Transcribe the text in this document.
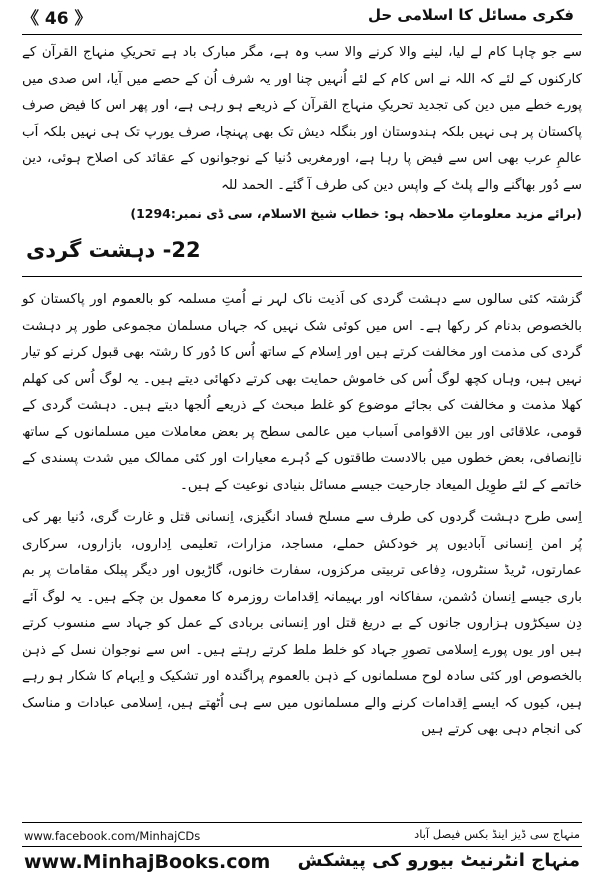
فکری مسائل کا اسلامی حل
《 46 》

سے جو چاہا کام لے لیا، لینے والا کرنے والا سب وہ ہے، مگر مبارک باد ہے تحریکِ منہاج القرآن کے کارکنوں کے لئے کہ اللہ نے اس کام کے لئے اُنہیں چنا اور یہ شرف اُن کے حصے میں آیا، اس صدی میں پورے خطے میں دین کی تجدید تحریکِ منہاج القرآن کے ذریعے ہو رہی ہے، اور پھر اس کا فیض صرف پاکستان پر ہی نہیں بلکہ ہندوستان اور بنگلہ دیش تک بھی پہنچا، صرف یورپ تک ہی نہیں بلکہ اَب عالمِ عرب بھی اس سے فیض پا رہا ہے، اورمغربی دُنیا کے نوجوانوں کے عقائد کی اصلاح ہوئی، دین سے دُور بھاگنے والے پلٹ کے واپس دین کی طرف آ گئے۔ الحمد للہ

(برائے مزید معلوماتِ ملاحظہ ہو: خطاب شیخ الاسلام، سی ڈی نمبر:1294)

22- دہشت گردی

گزشتہ کئی سالوں سے دہشت گردی کی اَذیت ناک لہر نے اُمتِ مسلمہ کو بالعموم اور پاکستان کو بالخصوص بدنام کر رکھا ہے۔ اس میں کوئی شک نہیں کہ جہاں مسلمان مجموعی طور پر دہشت گردی کی مذمت اور مخالفت کرتے ہیں اور اِسلام کے ساتھ اُس کا دُور کا رشتہ بھی قبول کرنے کو تیار نہیں ہیں، وہاں کچھ لوگ اُس کی خاموش حمایت بھی کرتے دکھائی دیتے ہیں۔ یہ لوگ اُس کی کھلم کھلا مذمت و مخالفت کی بجائے موضوع کو غلط مبحث کے ذریعے اُلجھا دیتے ہیں۔ دہشت گردی کے قومی، علاقائی اور بین الاقوامی اَسباب میں عالمی سطح پر بعض معاملات میں مسلمانوں کے ساتھ نااِنصافی، بعض خطوں میں بالادست طاقتوں کے دُہرے معیارات اور کئی ممالک میں شدت پسندی کے خاتمے کے لئے طوِیل المیعاد جارحیت جیسے مسائل بنیادی نوعیت کے ہیں۔

اِسی طرح دہشت گردوں کی طرف سے مسلح فساد انگیزی، اِنسانی قتل و غارت گری، دُنیا بھر کی پُر امن اِنسانی آبادیوں پر خودکش حملے، مساجد، مزارات، تعلیمی اِداروں، بازاروں، سرکاری عمارتوں، ٹریڈ سنٹروں، دِفاعی تربیتی مرکزوں، سفارت خانوں، گاڑیوں اور دیگر پبلک مقامات پر بم باری جیسے اِنسان دُشمن، سفاکانہ اور بہیمانہ اِقدامات روزمرہ کا معمول بن چکے ہیں۔ یہ لوگ آئے دِن سیکڑوں ہزاروں جانوں کے بے دریغ قتل اور اِنسانی بربادی کے عمل کو جہاد سے منسوب کرتے ہیں اور یوں پورے اِسلامی تصورِ جہاد کو خلط ملط کرتے رہتے ہیں۔ اس سے نوجوان نسل کے ذہن بالخصوص اور کئی سادہ لوح مسلمانوں کے ذہن بالعموم پراگندہ اور تشکیک و اِبہام کا شکار ہو رہے ہیں، کیوں کہ ایسے اِقدامات کرنے والے مسلمانوں میں سے ہی اُٹھتے ہیں، اِسلامی عبادات و مناسک کی انجام دہی بھی کرتے ہیں

منہاج سی ڈیز اینڈ بکس فیصل آباد
www.facebook.com/MinhajCDs
www.MinhajBooks.com منہاج انٹرنیٹ بیورو کی پیشکش
